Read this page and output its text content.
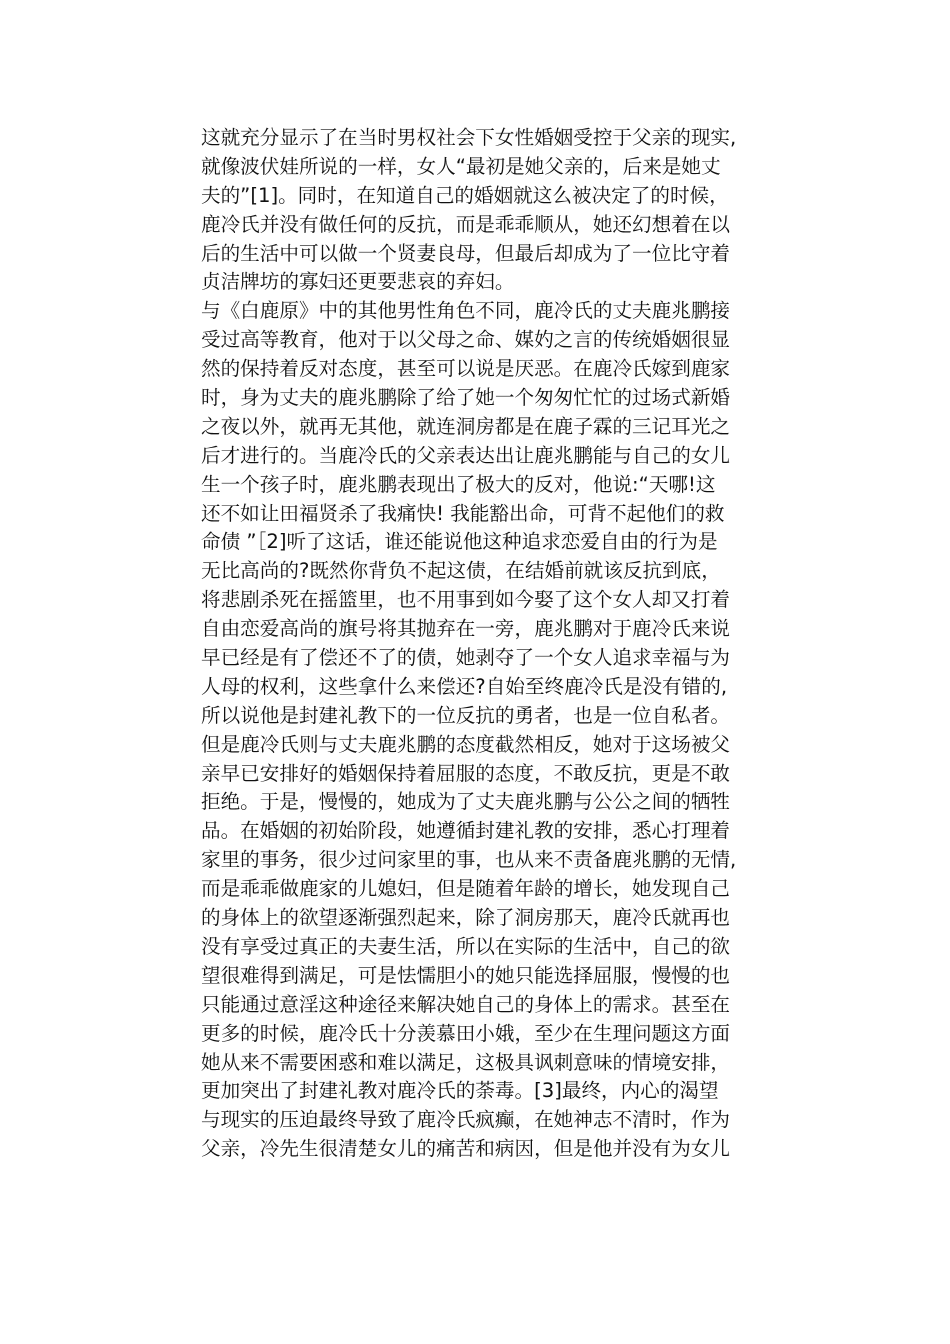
这就充分显示了在当时男权社会下女性婚姻受控于父亲的现实,
就像波伏娃所说的一样，女人“最初是她父亲的，后来是她丈
夫的”[1]。同时，在知道自己的婚姻就这么被决定了的时候，
鹿冷氏并没有做任何的反抗，而是乖乖顺从，她还幻想着在以
后的生活中可以做一个贤妻良母，但最后却成为了一位比守着
贞洁牌坊的寡妇还更要悲哀的弃妇。
与《白鹿原》中的其他男性角色不同，鹿冷氏的丈夫鹿兆鹏接
受过高等教育，他对于以父母之命、媒妁之言的传统婚姻很显
然的保持着反对态度，甚至可以说是厌恶。在鹿冷氏嫁到鹿家
时，身为丈夫的鹿兆鹏除了给了她一个匆匆忙忙的过场式新婚
之夜以外，就再无其他，就连洞房都是在鹿子霖的三记耳光之
后才进行的。当鹿冷氏的父亲表达出让鹿兆鹏能与自己的女儿
生一个孩子时，鹿兆鹏表现出了极大的反对，他说:“天哪!这
还不如让田福贤杀了我痛快! 我能豁出命，可背不起他们的救
命债 ”［2]听了这话，谁还能说他这种追求恋爱自由的行为是
无比高尚的?既然你背负不起这债，在结婚前就该反抗到底，
将悲剧杀死在摇篮里，也不用事到如今娶了这个女人却又打着
自由恋爱高尚的旗号将其抛弃在一旁，鹿兆鹏对于鹿冷氏来说
早已经是有了偿还不了的债，她剥夺了一个女人追求幸福与为
人母的权利，这些拿什么来偿还?自始至终鹿冷氏是没有错的,
所以说他是封建礼教下的一位反抗的勇者，也是一位自私者。
但是鹿冷氏则与丈夫鹿兆鹏的态度截然相反，她对于这场被父
亲早已安排好的婚姻保持着屈服的态度，不敢反抗，更是不敢
拒绝。于是，慢慢的，她成为了丈夫鹿兆鹏与公公之间的牺牲
品。在婚姻的初始阶段，她遵循封建礼教的安排，悉心打理着
家里的事务，很少过问家里的事，也从来不责备鹿兆鹏的无情,
而是乖乖做鹿家的儿媳妇，但是随着年龄的增长，她发现自己
的身体上的欲望逐渐强烈起来，除了洞房那天，鹿冷氏就再也
没有享受过真正的夫妻生活，所以在实际的生活中，自己的欲
望很难得到满足，可是怯懦胆小的她只能选择屈服，慢慢的也
只能通过意淫这种途径来解决她自己的身体上的需求。甚至在
更多的时候，鹿冷氏十分羡慕田小娥，至少在生理问题这方面
她从来不需要困惑和难以满足，这极具讽刺意味的情境安排，
更加突出了封建礼教对鹿冷氏的荼毒。[3]最终，内心的渴望
与现实的压迫最终导致了鹿冷氏疯癫，在她神志不清时，作为
父亲，冷先生很清楚女儿的痛苦和病因，但是他并没有为女儿
